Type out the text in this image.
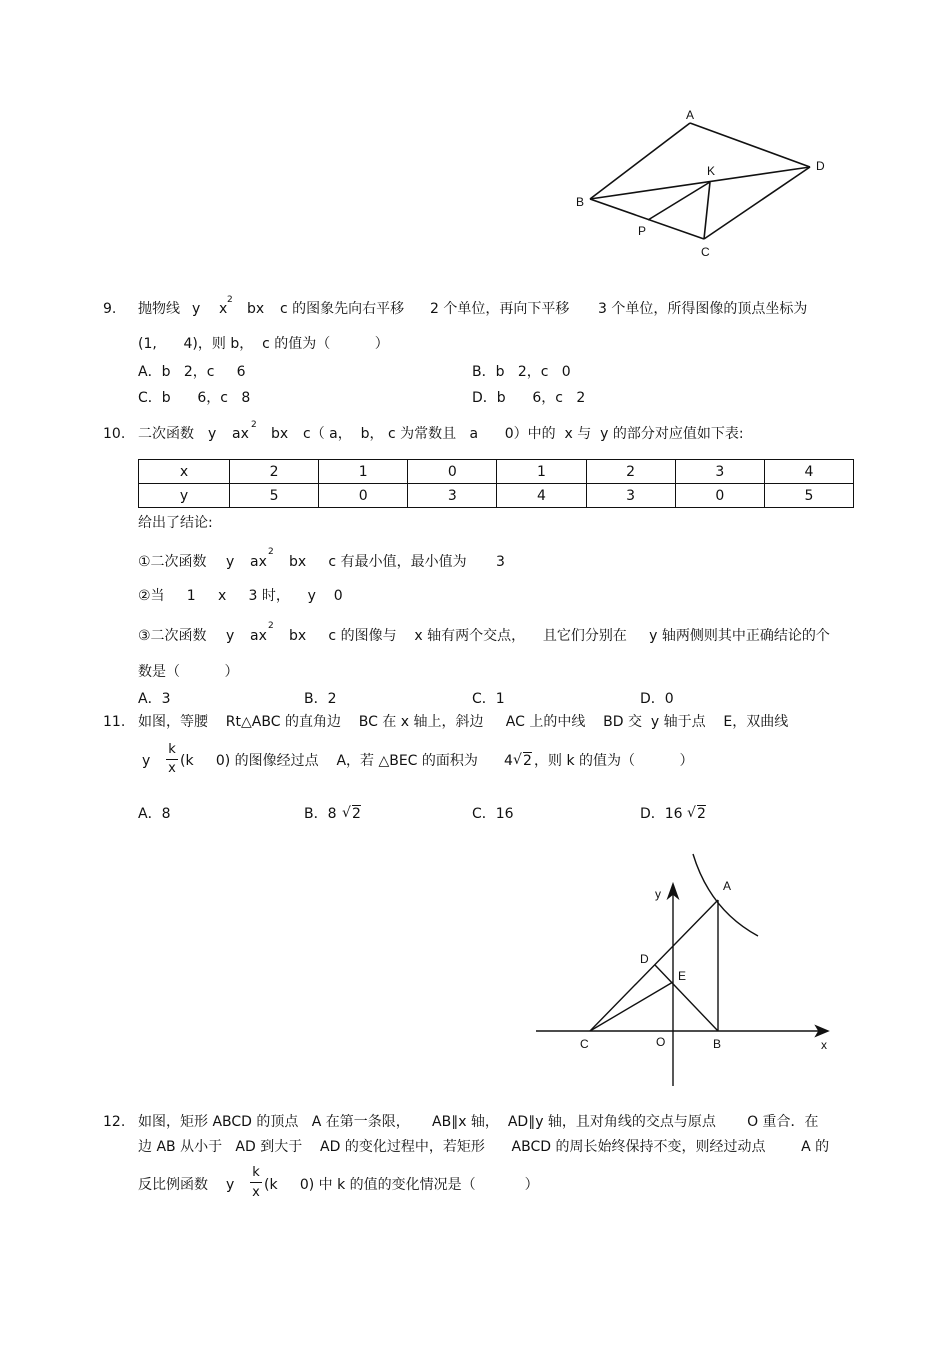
A
B
C
D
K
P
9. 抛物线 y x
2
bx c 的图象先向右平移 2 个单位，再向下平移 3 个单位，所得图像的顶点坐标为
(1,      4)，则 b，  c 的值为（          ）
A．b   2，c     6	B．b   2，c   0
C．b      6，c   8	D．b      6，c   2
10. 二次函数 y ax
2
bx c（ a，  b， c 为常数且   a      0）中的  x 与  y 的部分对应值如下表:
x	2	1	0	1	2	3	4
y	5	0	3	4	3	0	5
给出了结论:
①二次函数 y ax
2
bx     c 有最小值，最小值为 3
②当     1     x     3 时，    y    0
③二次函数 y ax
2
bx     c 的图像与    x 轴有两个交点，    且它们分别在     y 轴两侧则其中正确结论的个
数是（          ）
A．3	B．2	C．1	D．0
11. 如图，等腰    Rt△ABC 的直角边    BC 在 x 轴上，斜边     AC 上的中线    BD 交  y 轴于点    E，双曲线
y
k
x (k     0) 的图像经过点    A，若 △BEC 的面积为 4 √ 2 ，则 k 的值为（          ）
A．8	B．8 √ 2	C．16	D．16 √ 2
A
y
D
E
C	O	B	x
12. 如图，矩形 ABCD 的顶点   A 在第一条限，     AB∥x 轴，  AD∥y 轴，且对角线的交点与原点       O 重合．在
边 AB 从小于   AD 到大于    AD 的变化过程中，若矩形      ABCD 的周长始终保持不变，则经过动点        A 的
反比例函数 y
k
x (k     0) 中 k 的值的变化情况是（           ）
